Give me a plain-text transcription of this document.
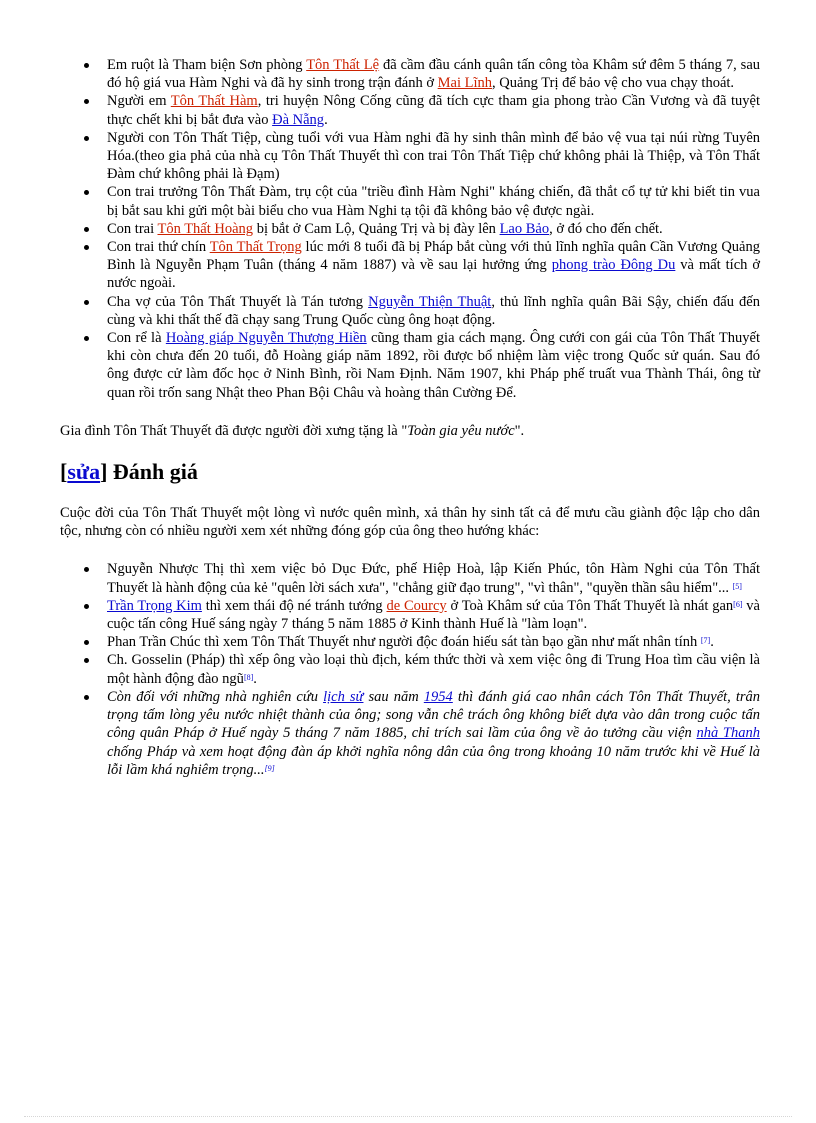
Em ruột là Tham biện Sơn phòng Tôn Thất Lệ đã cầm đầu cánh quân tấn công tòa Khâm sứ đêm 5 tháng 7, sau đó hộ giá vua Hàm Nghi và đã hy sinh trong trận đánh ở Mai Lĩnh, Quảng Trị để bảo vệ cho vua chạy thoát.
Người em Tôn Thất Hàm, tri huyện Nông Cống cũng đã tích cực tham gia phong trào Cần Vương và đã tuyệt thực chết khi bị bắt đưa vào Đà Nẵng.
Người con Tôn Thất Tiệp, cùng tuổi với vua Hàm nghi đã hy sinh thân mình để bảo vệ vua tại núi rừng Tuyên Hóa.(theo gia phả của nhà cụ Tôn Thất Thuyết thì con trai Tôn Thất Tiệp chứ không phải là Thiệp, và Tôn Thất Đàm chứ không phải là Đạm)
Con trai trưởng Tôn Thất Đàm, trụ cột của "triều đình Hàm Nghi" kháng chiến, đã thắt cổ tự tử khi biết tin vua bị bắt sau khi gửi một bài biểu cho vua Hàm Nghi tạ tội đã không bảo vệ được ngài.
Con trai Tôn Thất Hoàng bị bắt ở Cam Lộ, Quảng Trị và bị đày lên Lao Bảo, ở đó cho đến chết.
Con trai thứ chín Tôn Thất Trọng lúc mới 8 tuổi đã bị Pháp bắt cùng với thủ lĩnh nghĩa quân Cần Vương Quảng Bình là Nguyễn Phạm Tuân (tháng 4 năm 1887) và về sau lại hưởng ứng phong trào Đông Du và mất tích ở nước ngoài.
Cha vợ của Tôn Thất Thuyết là Tán tương Nguyễn Thiện Thuật, thủ lĩnh nghĩa quân Bãi Sậy, chiến đấu đến cùng và khi thất thế đã chạy sang Trung Quốc cùng ông hoạt động.
Con rể là Hoàng giáp Nguyễn Thượng Hiền cũng tham gia cách mạng. Ông cưới con gái của Tôn Thất Thuyết khi còn chưa đến 20 tuổi, đỗ Hoàng giáp năm 1892, rồi được bổ nhiệm làm việc trong Quốc sử quán. Sau đó ông được cử làm đốc học ở Ninh Bình, rồi Nam Định. Năm 1907, khi Pháp phế truất vua Thành Thái, ông từ quan rồi trốn sang Nhật theo Phan Bội Châu và hoàng thân Cường Để.

Gia đình Tôn Thất Thuyết đã được người đời xưng tặng là "Toàn gia yêu nước".

[sửa] Đánh giá

Cuộc đời của Tôn Thất Thuyết một lòng vì nước quên mình, xả thân hy sinh tất cả để mưu cầu giành độc lập cho dân tộc, nhưng còn có nhiều người xem xét những đóng góp của ông theo hướng khác:

Nguyễn Nhược Thị thì xem việc bỏ Dục Đức, phế Hiệp Hoà, lập Kiến Phúc, tôn Hàm Nghi của Tôn Thất Thuyết là hành động của kẻ "quên lời sách xưa", "chẳng giữ đạo trung", "vì thân", "quyền thần sâu hiểm"... [5]
Trần Trọng Kim thì xem thái độ né tránh tướng de Courcy ở Toà Khâm sứ của Tôn Thất Thuyết là nhát gan[6] và cuộc tấn công Huế sáng ngày 7 tháng 5 năm 1885 ở Kinh thành Huế là "làm loạn".
Phan Trần Chúc thì xem Tôn Thất Thuyết như người độc đoán hiếu sát tàn bạo gần như mất nhân tính [7].
Ch. Gosselin (Pháp) thì xếp ông vào loại thù địch, kém thức thời và xem việc ông đi Trung Hoa tìm cầu viện là một hành động đào ngũ[8].
Còn đối với những nhà nghiên cứu lịch sử sau năm 1954 thì đánh giá cao nhân cách Tôn Thất Thuyết, trân trọng tấm lòng yêu nước nhiệt thành của ông; song vẫn chê trách ông không biết dựa vào dân trong cuộc tấn công quân Pháp ở Huế ngày 5 tháng 7 năm 1885, chỉ trích sai lầm của ông về ảo tưởng cầu viện nhà Thanh chống Pháp và xem hoạt động đàn áp khởi nghĩa nông dân của ông trong khoảng 10 năm trước khi về Huế là lỗi lầm khá nghiêm trọng...[9]
